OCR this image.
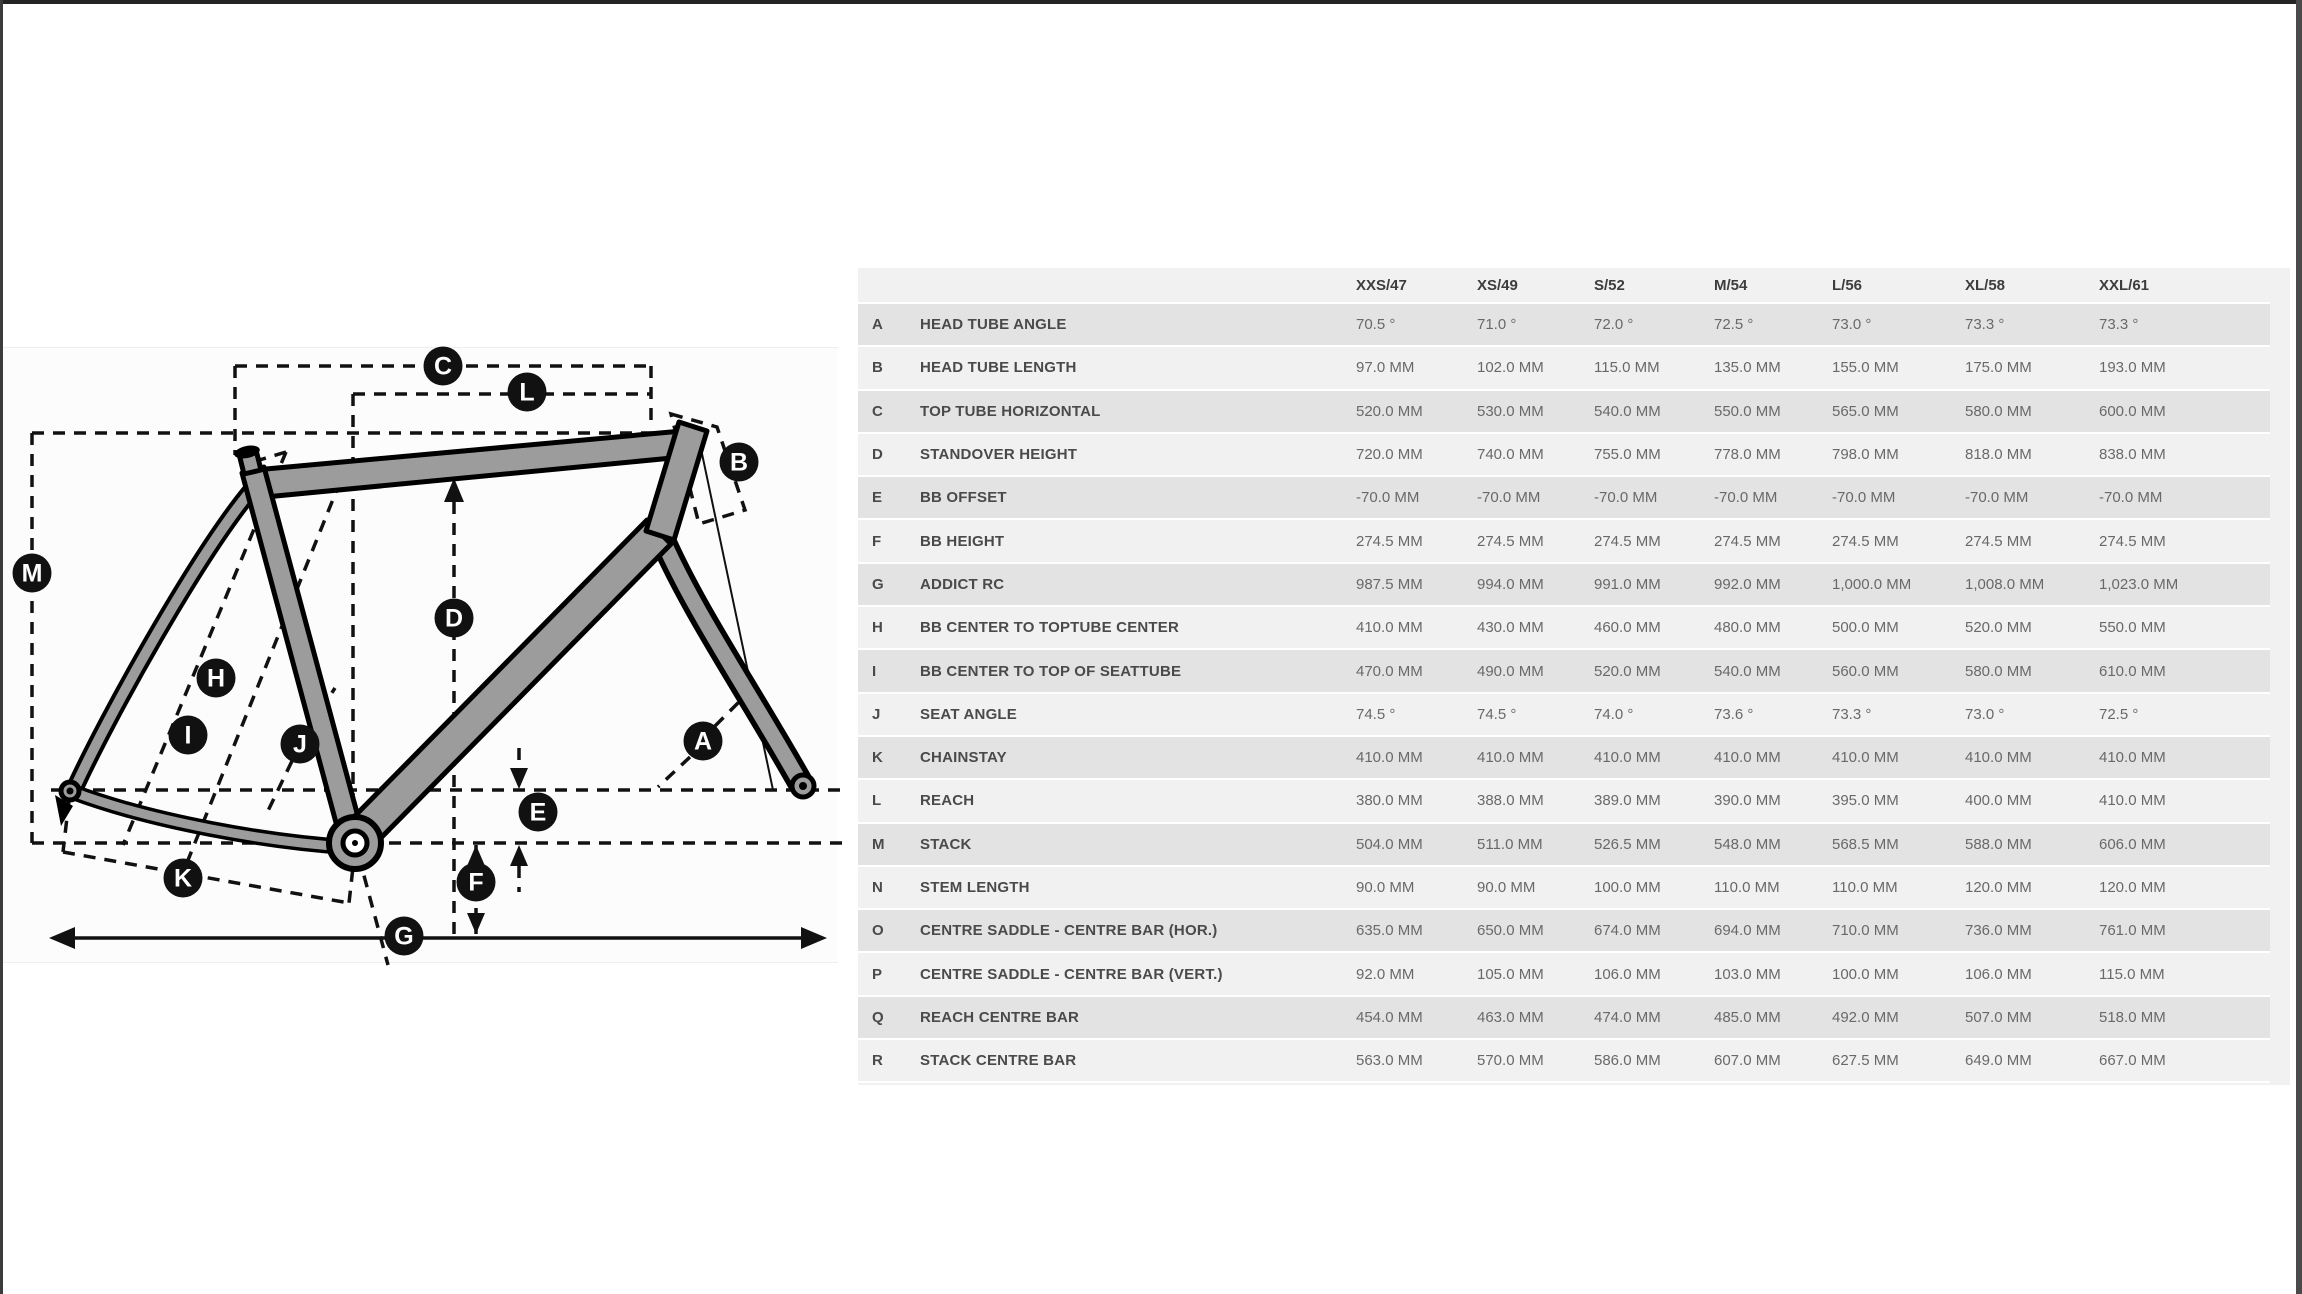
A
B
C
D
E
F
G
H
I	J
K
L
M
XXS/47	XS/49	S/52	M/54	L/56	XL/58	XXL/61
A	HEAD TUBE ANGLE	70.5 °	71.0 °	72.0 °	72.5 °	73.0 °	73.3 °	73.3 °
B	HEAD TUBE LENGTH	97.0 MM	102.0 MM	115.0 MM	135.0 MM	155.0 MM	175.0 MM	193.0 MM
C	TOP TUBE HORIZONTAL	520.0 MM	530.0 MM	540.0 MM	550.0 MM	565.0 MM	580.0 MM	600.0 MM
D	STANDOVER HEIGHT	720.0 MM	740.0 MM	755.0 MM	778.0 MM	798.0 MM	818.0 MM	838.0 MM
E	BB OFFSET	-70.0 MM	-70.0 MM	-70.0 MM	-70.0 MM	-70.0 MM	-70.0 MM	-70.0 MM
F	BB HEIGHT	274.5 MM	274.5 MM	274.5 MM	274.5 MM	274.5 MM	274.5 MM	274.5 MM
G	ADDICT RC	987.5 MM	994.0 MM	991.0 MM	992.0 MM	1,000.0 MM	1,008.0 MM	1,023.0 MM
H	BB CENTER TO TOPTUBE CENTER	410.0 MM	430.0 MM	460.0 MM	480.0 MM	500.0 MM	520.0 MM	550.0 MM
I	BB CENTER TO TOP OF SEATTUBE	470.0 MM	490.0 MM	520.0 MM	540.0 MM	560.0 MM	580.0 MM	610.0 MM
J	SEAT ANGLE	74.5 °	74.5 °	74.0 °	73.6 °	73.3 °	73.0 °	72.5 °
K	CHAINSTAY	410.0 MM	410.0 MM	410.0 MM	410.0 MM	410.0 MM	410.0 MM	410.0 MM
L	REACH	380.0 MM	388.0 MM	389.0 MM	390.0 MM	395.0 MM	400.0 MM	410.0 MM
M	STACK	504.0 MM	511.0 MM	526.5 MM	548.0 MM	568.5 MM	588.0 MM	606.0 MM
N	STEM LENGTH	90.0 MM	90.0 MM	100.0 MM	110.0 MM	110.0 MM	120.0 MM	120.0 MM
O	CENTRE SADDLE - CENTRE BAR (HOR.)	635.0 MM	650.0 MM	674.0 MM	694.0 MM	710.0 MM	736.0 MM	761.0 MM
P	CENTRE SADDLE - CENTRE BAR (VERT.)	92.0 MM	105.0 MM	106.0 MM	103.0 MM	100.0 MM	106.0 MM	115.0 MM
Q	REACH CENTRE BAR	454.0 MM	463.0 MM	474.0 MM	485.0 MM	492.0 MM	507.0 MM	518.0 MM
R	STACK CENTRE BAR	563.0 MM	570.0 MM	586.0 MM	607.0 MM	627.5 MM	649.0 MM	667.0 MM
